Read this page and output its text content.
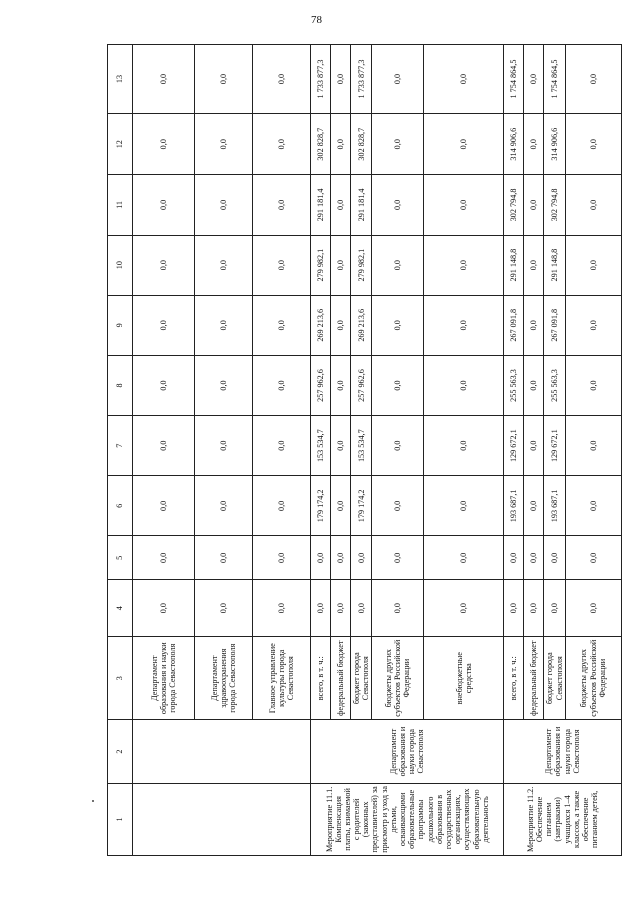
78
1	2	3	4	5	6	7	8	9	10	11	12	13
		Департамент образования и науки города Севастополя	0,0	0,0	0,0	0,0	0,0	0,0	0,0	0,0	0,0	0,0
		Департамент здравоохранения города Севастополя	0,0	0,0	0,0	0,0	0,0	0,0	0,0	0,0	0,0	0,0
		Главное управление культуры города Севастополя	0,0	0,0	0,0	0,0	0,0	0,0	0,0	0,0	0,0	0,0
Мероприятие 11.1. Компенсация платы, взимаемой с родителей (законных представителей) за присмотр и уход за детьми, осваивающими образовательные программы дошкольного образования в государственных организациях, осуществляющих образовательную деятельность	Департамент образования и науки города Севастополя	всего, в т. ч.:	0,0	0,0	179 174,2	153 534,7	257 962,6	269 213,6	279 982,1	291 181,4	302 828,7	1 733 877,3
		федеральный бюджет	0,0	0,0	0,0	0,0	0,0	0,0	0,0	0,0	0,0	0,0
		бюджет города Севастополя	0,0	0,0	179 174,2	153 534,7	257 962,6	269 213,6	279 982,1	291 181,4	302 828,7	1 733 877,3
		бюджеты других субъектов Российской Федерации	0,0	0,0	0,0	0,0	0,0	0,0	0,0	0,0	0,0	0,0
		внебюджетные средства	0,0	0,0	0,0	0,0	0,0	0,0	0,0	0,0	0,0	0,0
Мероприятие 11.2. Обеспечение питанием (завтраками) учащихся 1–4 классов, а также обеспечение питанием детей,	Департамент образования и науки города Севастополя	всего, в т. ч.:	0,0	0,0	193 687,1	129 672,1	255 563,3	267 091,8	291 148,8	302 794,8	314 906,6	1 754 864,5
		федеральный бюджет	0,0	0,0	0,0	0,0	0,0	0,0	0,0	0,0	0,0	0,0
		бюджет города Севастополя	0,0	0,0	193 687,1	129 672,1	255 563,3	267 091,8	291 148,8	302 794,8	314 906,6	1 754 864,5
		бюджеты других субъектов Российской Федерации	0,0	0,0	0,0	0,0	0,0	0,0	0,0	0,0	0,0	0,0
